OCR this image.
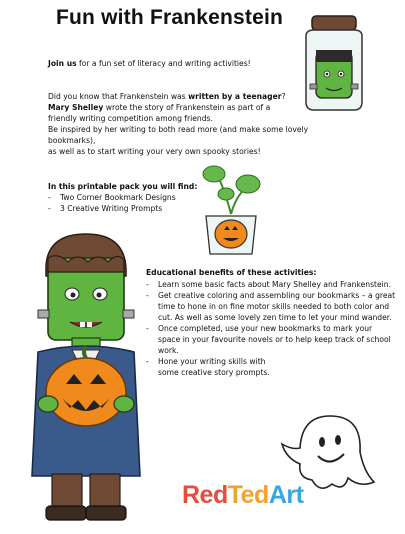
Fun with Frankenstein
Join us for a fun set of literacy and writing activities!

Did you know that Frankenstein was written by a teenager?

Mary Shelley wrote the story of Frankenstein as part of a

friendly writing competition among friends.

Be inspired by her writing to both read more (and make some lovely bookmarks),

as well as to start writing your very own spooky stories!

In this printable pack you will find:

-	Two Corner Bookmark Designs
-	3 Creative Writing Prompts

Educational benefits of these activities:

-	Learn some basic facts about Mary Shelley and Frankenstein.
-	Get creative coloring and assembling our bookmarks – a great time to hone in on fine motor skills needed to both color and cut. As well as some lovely zen time to let your mind wander.
-	Once completed, use your new bookmarks to mark your space in your favourite novels or to help keep track of school work.
-	Hone your writing skills with some creative story prompts.
RedTedArt
